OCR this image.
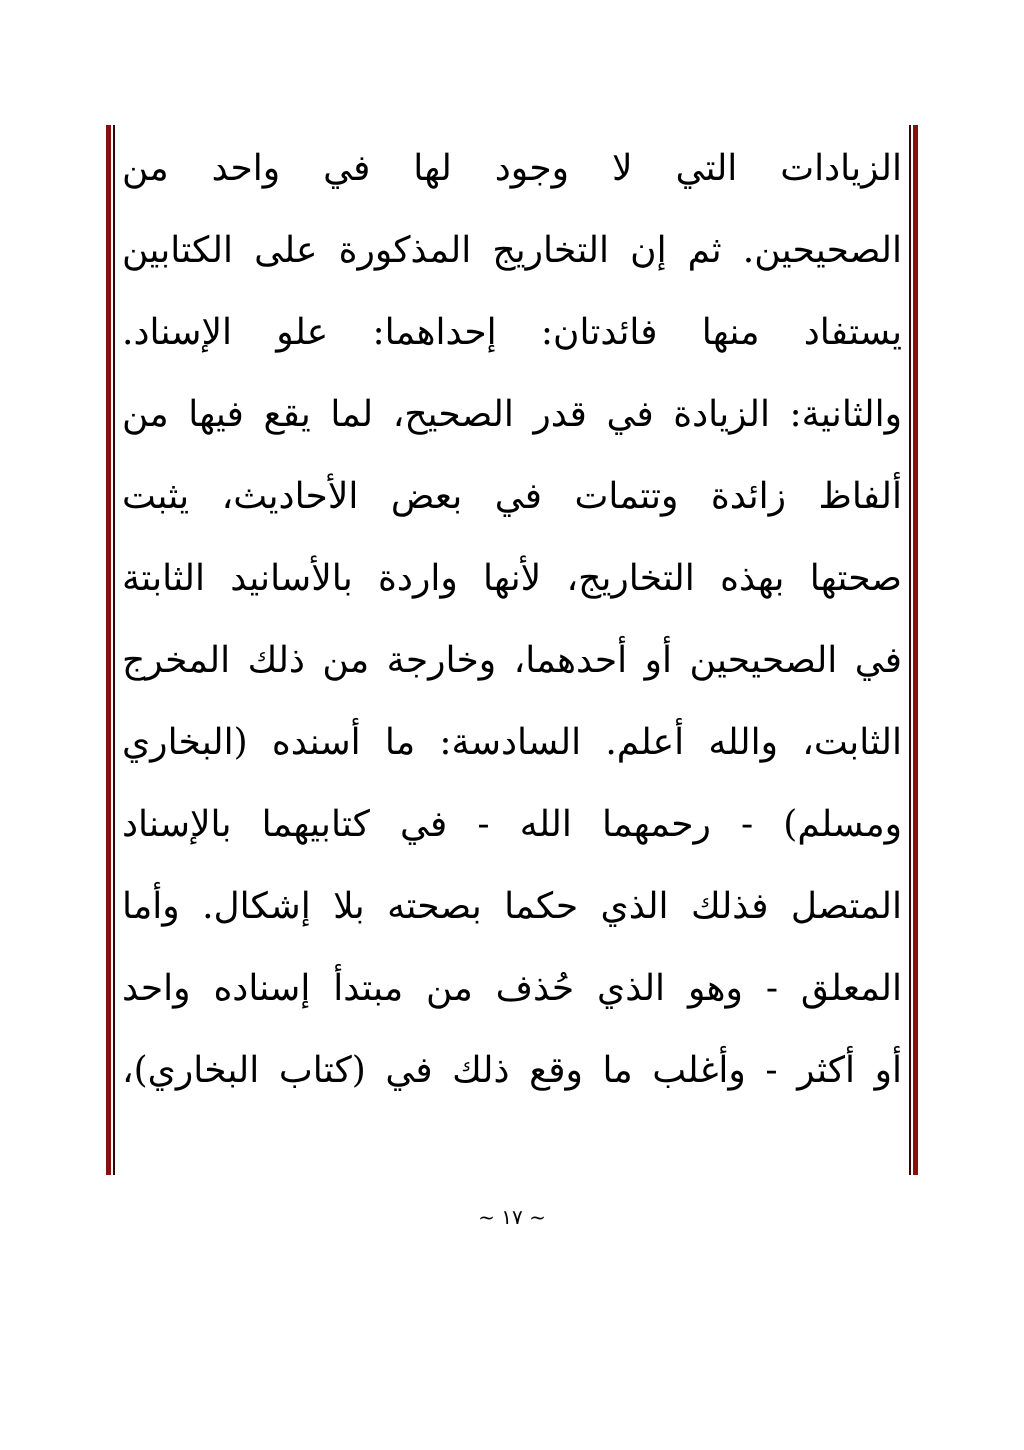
الزيادات التي لا وجود لها في واحد من
الصحيحين. ثم إن التخاريج المذكورة على الكتابين
يستفاد منها فائدتان: إحداهما: علو الإسناد.
والثانية: الزيادة في قدر الصحيح، لما يقع فيها من
ألفاظ زائدة وتتمات في بعض الأحاديث، يثبت
صحتها بهذه التخاريج، لأنها واردة بالأسانيد الثابتة
في الصحيحين أو أحدهما، وخارجة من ذلك المخرج
الثابت، والله أعلم. السادسة: ما أسنده (البخاري
ومسلم) - رحمهما الله - في كتابيهما بالإسناد
المتصل فذلك الذي حكما بصحته بلا إشكال. وأما
المعلق - وهو الذي حُذف من مبتدأ إسناده واحد
أو أكثر - وأغلب ما وقع ذلك في (كتاب البخاري)،
~ ١٧ ~
